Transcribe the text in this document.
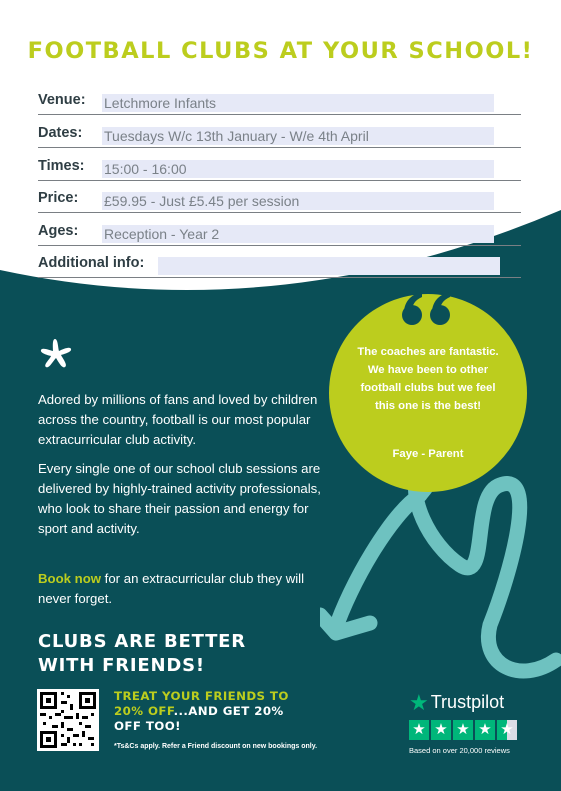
FOOTBALL CLUBS AT YOUR SCHOOL!
Venue: Letchmore Infants
Dates: Tuesdays W/c 13th January - W/e 4th April
Times: 15:00 - 16:00
Price: £59.95 - Just £5.45 per session
Ages: Reception - Year 2
Additional info:

The coaches are fantastic. We have been to other football clubs but we feel this one is the best!

Faye - Parent

Adored by millions of fans and loved by children across the country, football is our most popular extracurricular club activity.

Every single one of our school club sessions are delivered by highly-trained activity professionals, who look to share their passion and energy for sport and activity.

Book now for an extracurricular club they will never forget.

CLUBS ARE BETTER WITH FRIENDS!
TREAT YOUR FRIENDS TO 20% OFF...AND GET 20% OFF TOO!
*Ts&Cs apply. Refer a Friend discount on new bookings only.
★ Trustpilot
★ ★ ★ ★ ★
Based on over 20,000 reviews
